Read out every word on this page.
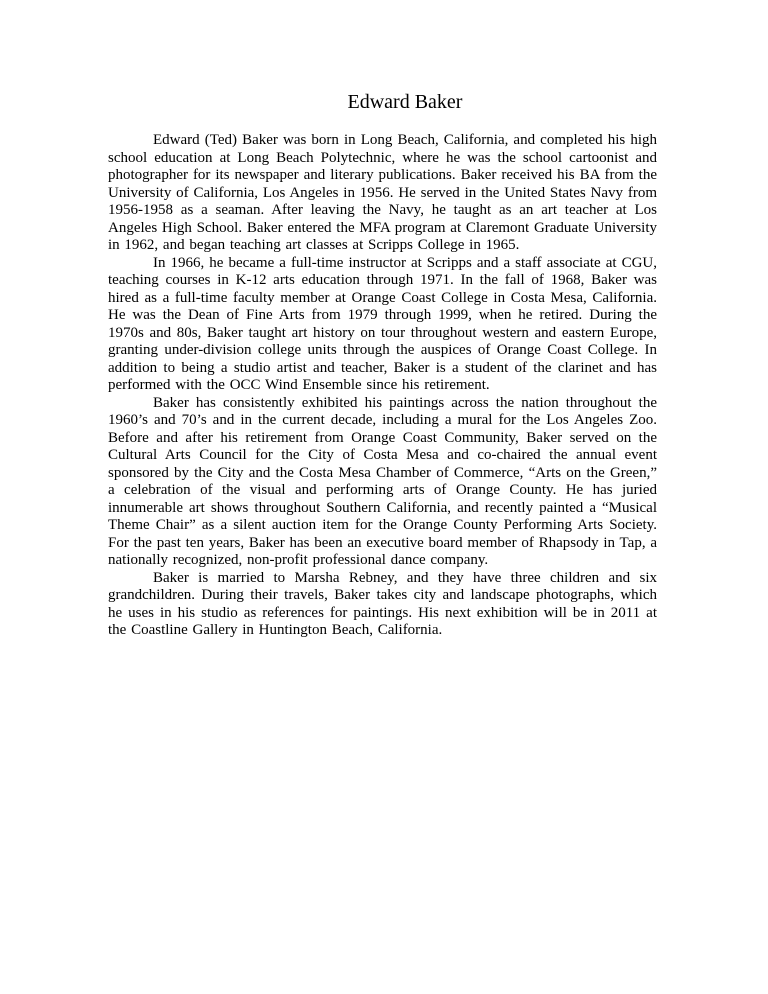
Edward Baker

Edward (Ted) Baker was born in Long Beach, California, and completed his high school education at Long Beach Polytechnic, where he was the school cartoonist and photographer for its newspaper and literary publications. Baker received his BA from the University of California, Los Angeles in 1956. He served in the United States Navy from 1956-1958 as a seaman. After leaving the Navy, he taught as an art teacher at Los Angeles High School. Baker entered the MFA program at Claremont Graduate University in 1962, and began teaching art classes at Scripps College in 1965.

In 1966, he became a full-time instructor at Scripps and a staff associate at CGU, teaching courses in K-12 arts education through 1971. In the fall of 1968, Baker was hired as a full-time faculty member at Orange Coast College in Costa Mesa, California. He was the Dean of Fine Arts from 1979 through 1999, when he retired. During the 1970s and 80s, Baker taught art history on tour throughout western and eastern Europe, granting under-division college units through the auspices of Orange Coast College. In addition to being a studio artist and teacher, Baker is a student of the clarinet and has performed with the OCC Wind Ensemble since his retirement.

Baker has consistently exhibited his paintings across the nation throughout the 1960’s and 70’s and in the current decade, including a mural for the Los Angeles Zoo. Before and after his retirement from Orange Coast Community, Baker served on the Cultural Arts Council for the City of Costa Mesa and co-chaired the annual event sponsored by the City and the Costa Mesa Chamber of Commerce, “Arts on the Green,” a celebration of the visual and performing arts of Orange County. He has juried innumerable art shows throughout Southern California, and recently painted a “Musical Theme Chair” as a silent auction item for the Orange County Performing Arts Society. For the past ten years, Baker has been an executive board member of Rhapsody in Tap, a nationally recognized, non-profit professional dance company.

Baker is married to Marsha Rebney, and they have three children and six grandchildren. During their travels, Baker takes city and landscape photographs, which he uses in his studio as references for paintings. His next exhibition will be in 2011 at the Coastline Gallery in Huntington Beach, California.
